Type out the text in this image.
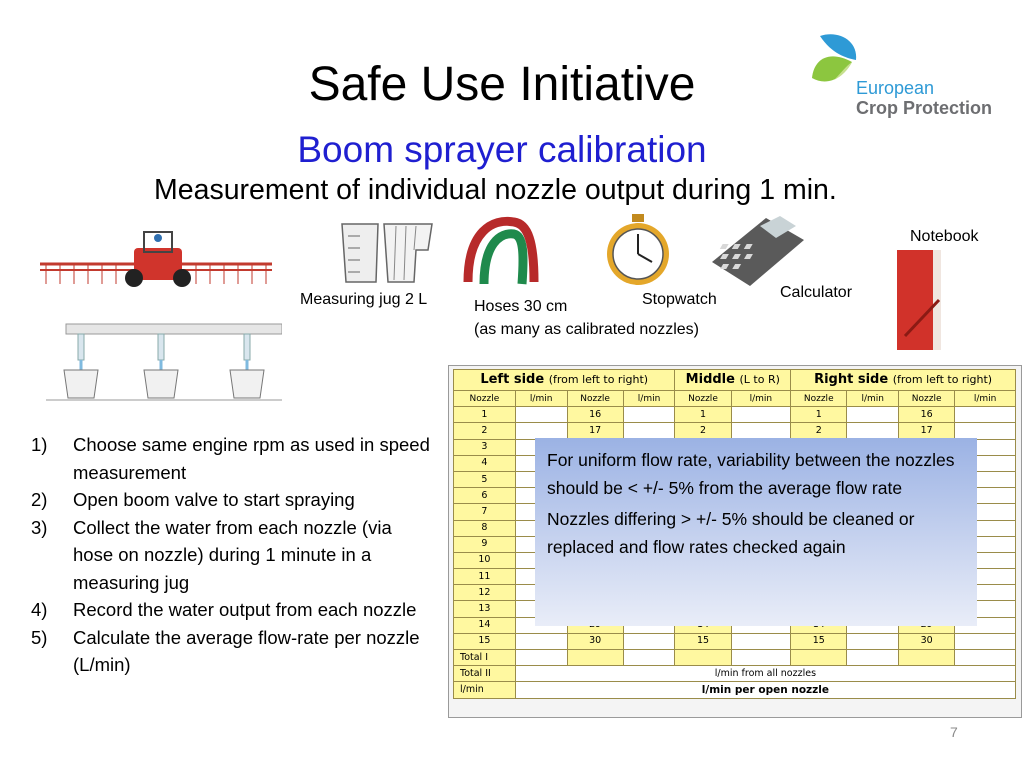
Safe Use Initiative
Boom sprayer calibration
Measurement of individual nozzle output during 1 min.
European
Crop Protection
Measuring jug 2 L	Hoses 30 cm
(as many as calibrated nozzles)
Stopwatch	Calculator
Notebook
1) Choose same engine rpm as used in speed measurement
2) Open boom valve to start spraying
3) Collect the water from each nozzle (via hose on nozzle) during 1 minute in a measuring jug
4) Record the water output from each nozzle
5) Calculate the average flow-rate per nozzle (L/min)
Left side (from left to right)				Middle (L to R)		Right side (from left to right)			
Nozzle	l/min	Nozzle	l/min	Nozzle	l/min	Nozzle	l/min	Nozzle	l/min
1		16		1		1		16	
2		17		2		2		17	
3									
4									
5									
6									
7									
8									
9									
10									
11									
12									
13									
14									
15		30		15		15		30	
Total I									
Total II	l/min from all nozzles								
l/min	l/min per open nozzle								

For uniform flow rate, variability between the nozzles should be < +/- 5% from the average flow rate

Nozzles differing > +/- 5% should be cleaned or replaced and flow rates checked again

7
